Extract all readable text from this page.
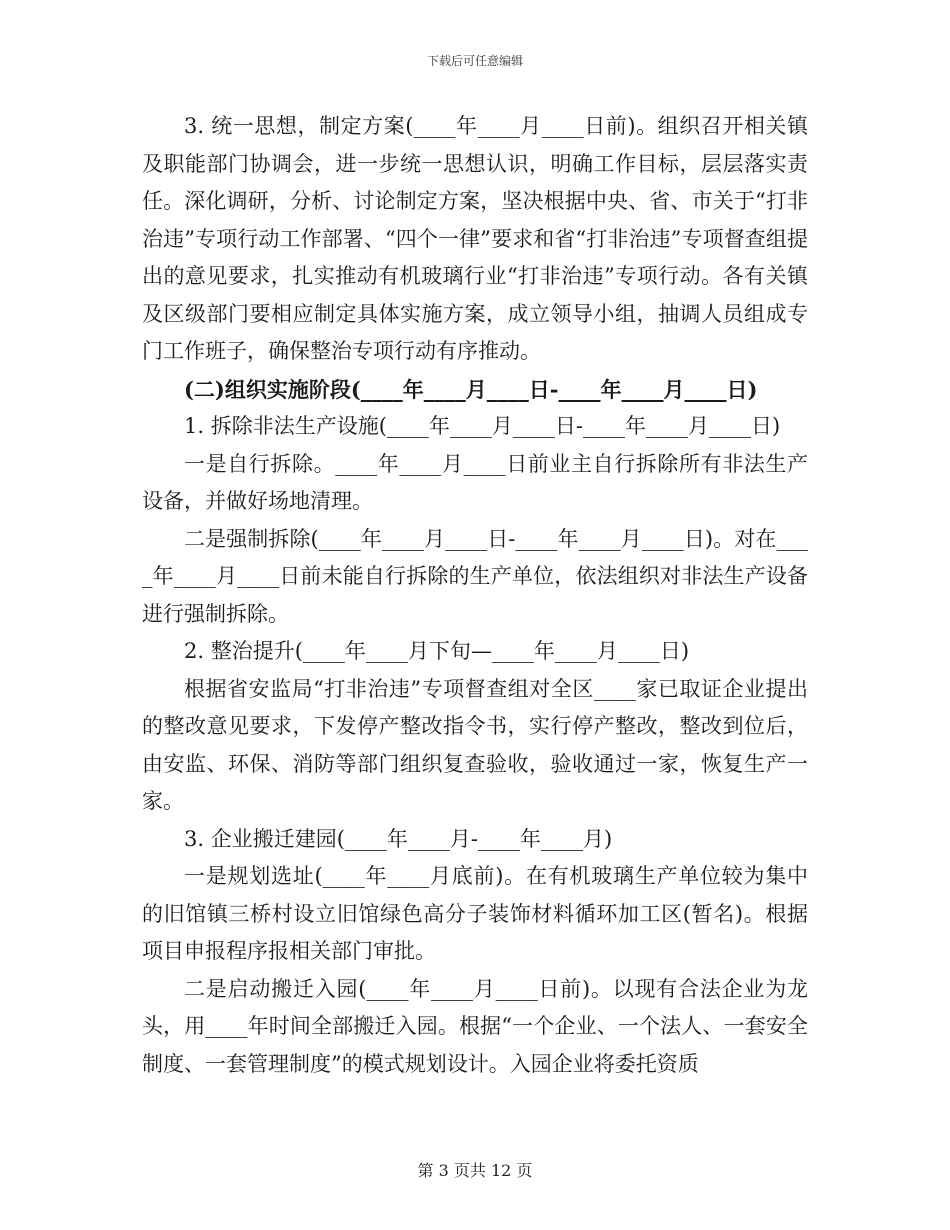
下载后可任意编辑

3. 统一思想，制定方案(____年____月____日前)。组织召开相关镇及职能部门协调会，进一步统一思想认识，明确工作目标，层层落实责任。深化调研，分析、讨论制定方案，坚决根据中央、省、市关于“打非治违”专项行动工作部署、“四个一律”要求和省“打非治违”专项督查组提出的意见要求，扎实推动有机玻璃行业“打非治违”专项行动。各有关镇及区级部门要相应制定具体实施方案，成立领导小组，抽调人员组成专门工作班子，确保整治专项行动有序推动。

(二)组织实施阶段(____年____月____日-____年____月____日)

1. 拆除非法生产设施(____年____月____日-____年____月____日)

一是自行拆除。____年____月____日前业主自行拆除所有非法生产设备，并做好场地清理。

二是强制拆除(____年____月____日-____年____月____日)。对在____年____月____日前未能自行拆除的生产单位，依法组织对非法生产设备进行强制拆除。

2. 整治提升(____年____月下旬—____年____月____日)

根据省安监局“打非治违”专项督查组对全区____家已取证企业提出的整改意见要求，下发停产整改指令书，实行停产整改，整改到位后，由安监、环保、消防等部门组织复查验收，验收通过一家，恢复生产一家。

3. 企业搬迁建园(____年____月-____年____月)

一是规划选址(____年____月底前)。在有机玻璃生产单位较为集中的旧馆镇三桥村设立旧馆绿色高分子装饰材料循环加工区(暂名)。根据项目申报程序报相关部门审批。

二是启动搬迁入园(____年____月____日前)。以现有合法企业为龙头，用____年时间全部搬迁入园。根据“一个企业、一个法人、一套安全制度、一套管理制度”的模式规划设计。入园企业将委托资质

第 3 页共 12 页
